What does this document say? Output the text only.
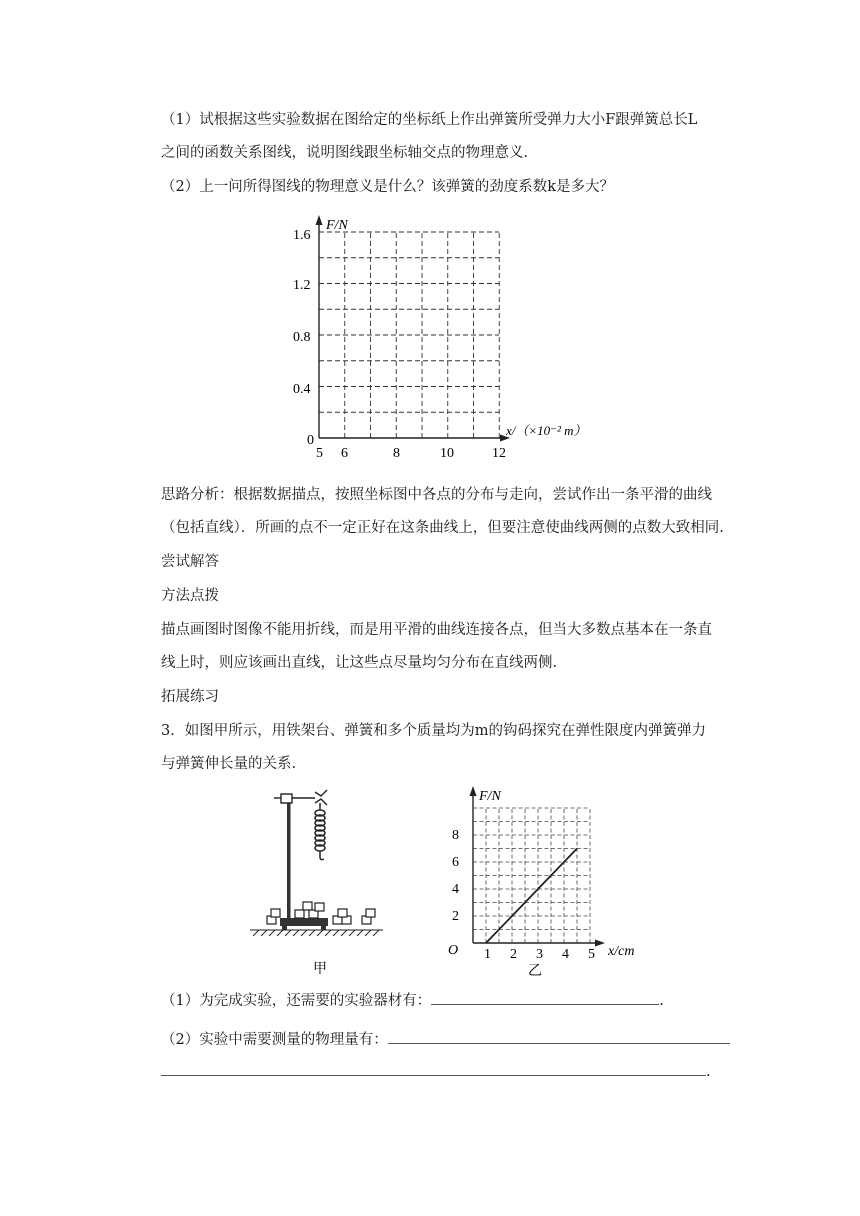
（1）试根据这些实验数据在图给定的坐标纸上作出弹簧所受弹力大小F跟弹簧总长L
之间的函数关系图线，说明图线跟坐标轴交点的物理意义.
（2）上一问所得图线的物理意义是什么？该弹簧的劲度系数k是多大？
F/N
x/（×10⁻² m）
0
0.4
0.8
1.2
1.6
5 6	8	10	12
思路分析：根据数据描点，按照坐标图中各点的分布与走向，尝试作出一条平滑的曲线
（包括直线）．所画的点不一定正好在这条曲线上，但要注意使曲线两侧的点数大致相同.
尝试解答
方法点拨
描点画图时图像不能用折线，而是用平滑的曲线连接各点，但当大多数点基本在一条直
线上时，则应该画出直线，让这些点尽量均匀分布在直线两侧.
拓展练习
3．如图甲所示，用铁架台、弹簧和多个质量均为m的钩码探究在弹性限度内弹簧弹力
与弹簧伸长量的关系.
甲
F/N
x/cm
O
2
4
6
8
1 2 3 4 5
乙
（1）为完成实验，还需要的实验器材有：	.
（2）实验中需要测量的物理量有：
.
